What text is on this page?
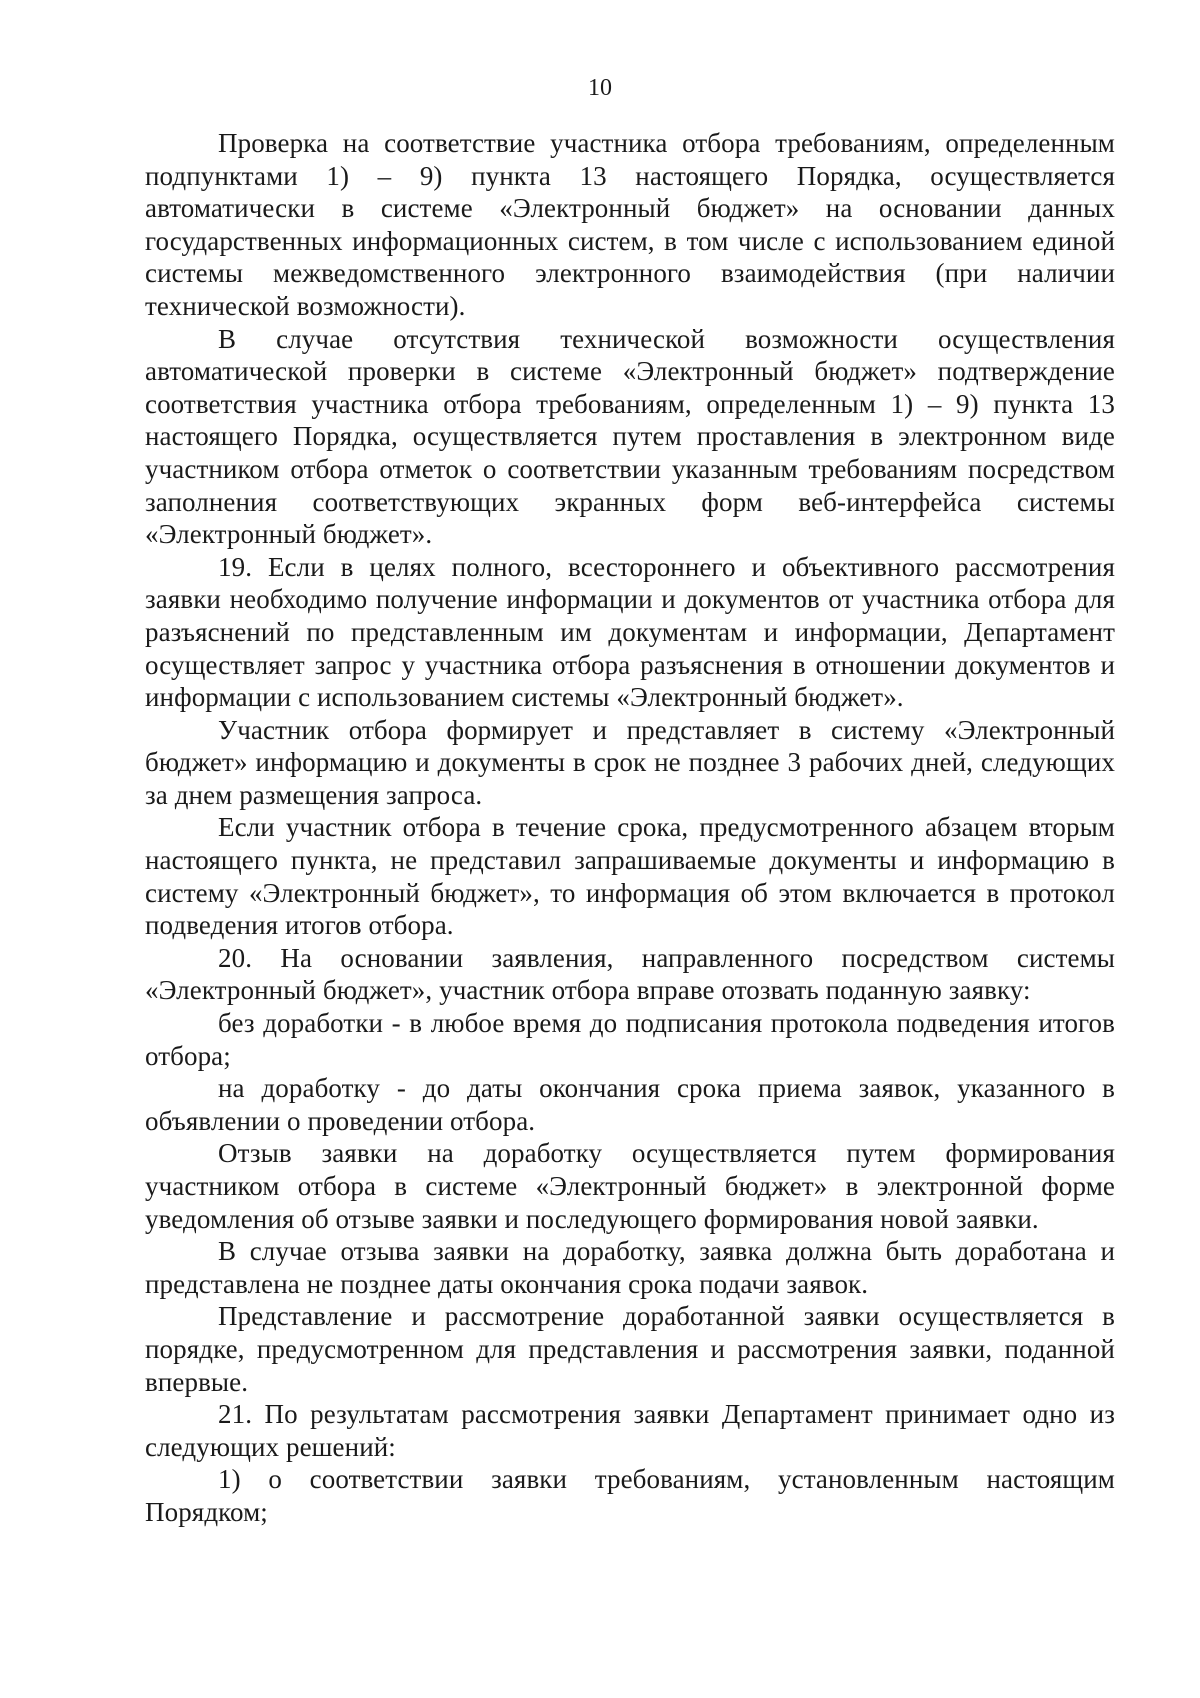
10

Проверка на соответствие участника отбора требованиям, определенным подпунктами 1) – 9) пункта 13 настоящего Порядка, осуществляется автоматически в системе «Электронный бюджет» на основании данных государственных информационных систем, в том числе с использованием единой системы межведомственного электронного взаимодействия (при наличии технической возможности).

В случае отсутствия технической возможности осуществления автоматической проверки в системе «Электронный бюджет» подтверждение соответствия участника отбора требованиям, определенным 1) – 9) пункта 13 настоящего Порядка, осуществляется путем проставления в электронном виде участником отбора отметок о соответствии указанным требованиям посредством заполнения соответствующих экранных форм веб-интерфейса системы «Электронный бюджет».

19. Если в целях полного, всестороннего и объективного рассмотрения заявки необходимо получение информации и документов от участника отбора для разъяснений по представленным им документам и информации, Департамент осуществляет запрос у участника отбора разъяснения в отношении документов и информации с использованием системы «Электронный бюджет».

Участник отбора формирует и представляет в систему «Электронный бюджет» информацию и документы в срок не позднее 3 рабочих дней, следующих за днем размещения запроса.

Если участник отбора в течение срока, предусмотренного абзацем вторым настоящего пункта, не представил запрашиваемые документы и информацию в систему «Электронный бюджет», то информация об этом включается в протокол подведения итогов отбора.

20. На основании заявления, направленного посредством системы «Электронный бюджет», участник отбора вправе отозвать поданную заявку:

без доработки - в любое время до подписания протокола подведения итогов отбора;

на доработку - до даты окончания срока приема заявок, указанного в объявлении о проведении отбора.

Отзыв заявки на доработку осуществляется путем формирования участником отбора в системе «Электронный бюджет» в электронной форме уведомления об отзыве заявки и последующего формирования новой заявки.

В случае отзыва заявки на доработку, заявка должна быть доработана и представлена не позднее даты окончания срока подачи заявок.

Представление и рассмотрение доработанной заявки осуществляется в порядке, предусмотренном для представления и рассмотрения заявки, поданной впервые.

21. По результатам рассмотрения заявки Департамент принимает одно из следующих решений:

1) о соответствии заявки требованиям, установленным настоящим Порядком;
